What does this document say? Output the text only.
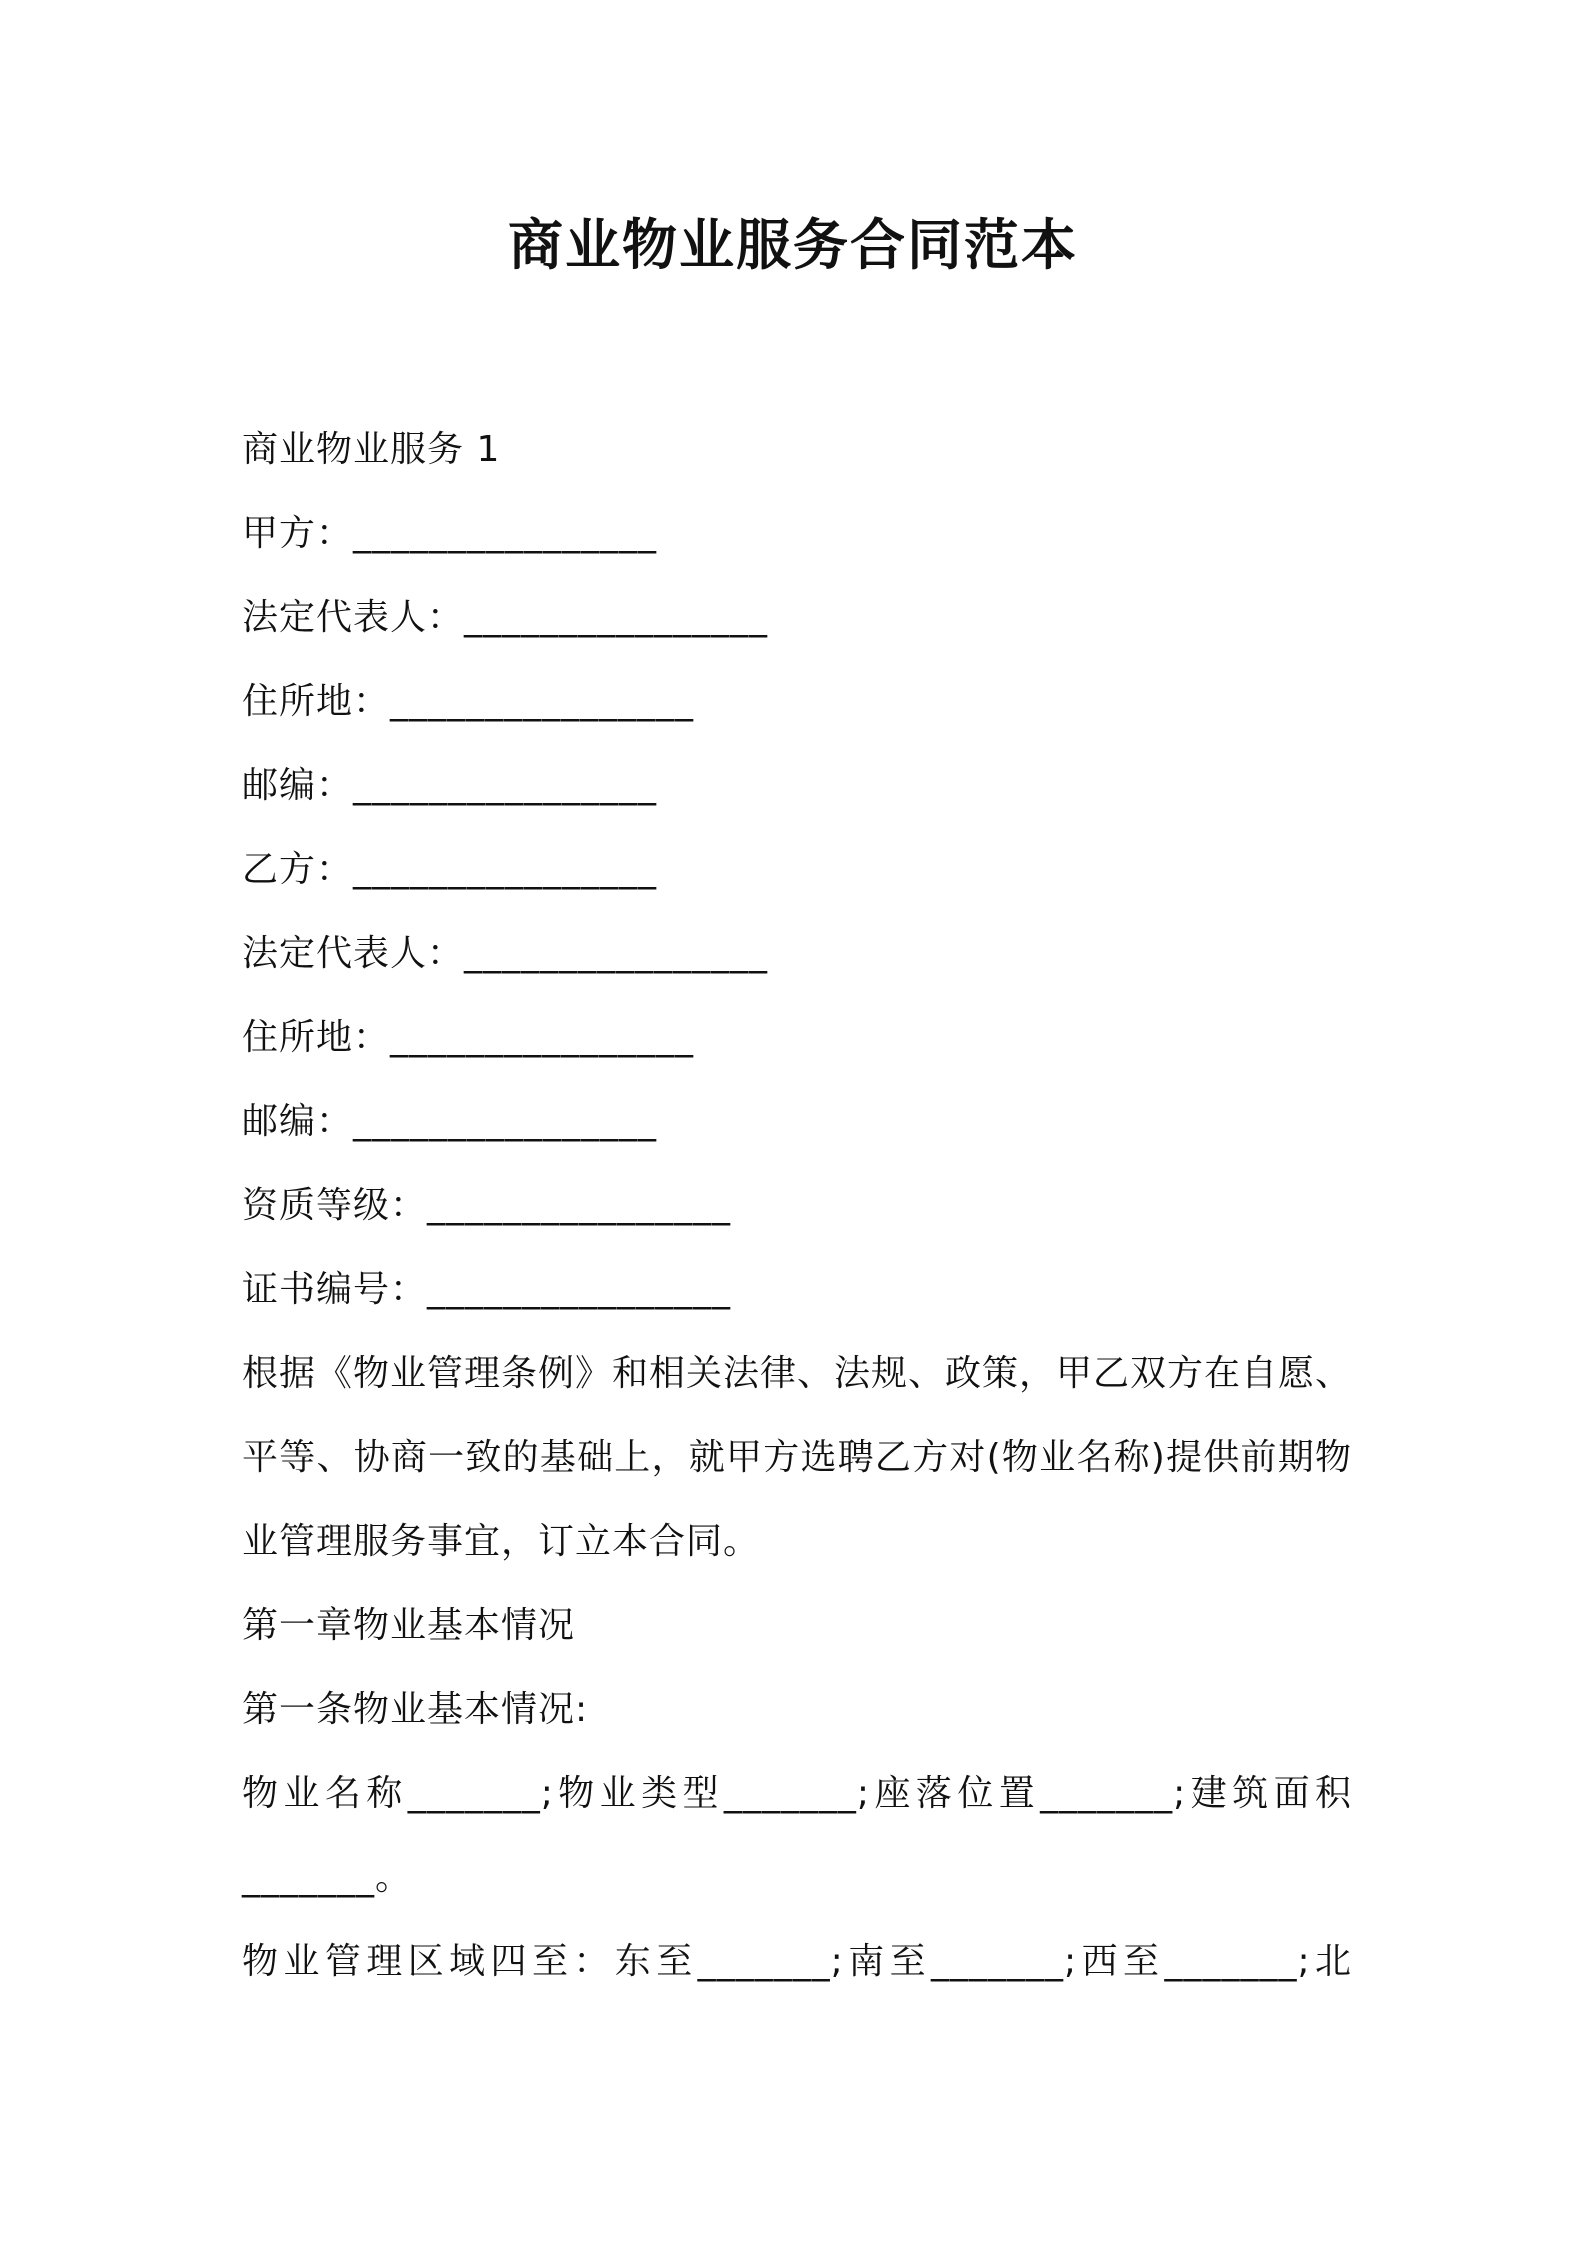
商业物业服务合同范本
商业物业服务 1
甲方：________________
法定代表人：________________
住所地：________________
邮编：________________
乙方：________________
法定代表人：________________
住所地：________________
邮编：________________
资质等级：________________
证书编号：________________
根据《物业管理条例》和相关法律、法规、政策，甲乙双方在自愿、
平等、协商一致的基础上，就甲方选聘乙方对(物业名称)提供前期物
业管理服务事宜，订立本合同。
第一章物业基本情况
第一条物业基本情况:
物业名称_______;物业类型_______;座落位置_______;建筑面积
_______。
物业管理区域四至：东至_______;南至_______;西至_______;北
